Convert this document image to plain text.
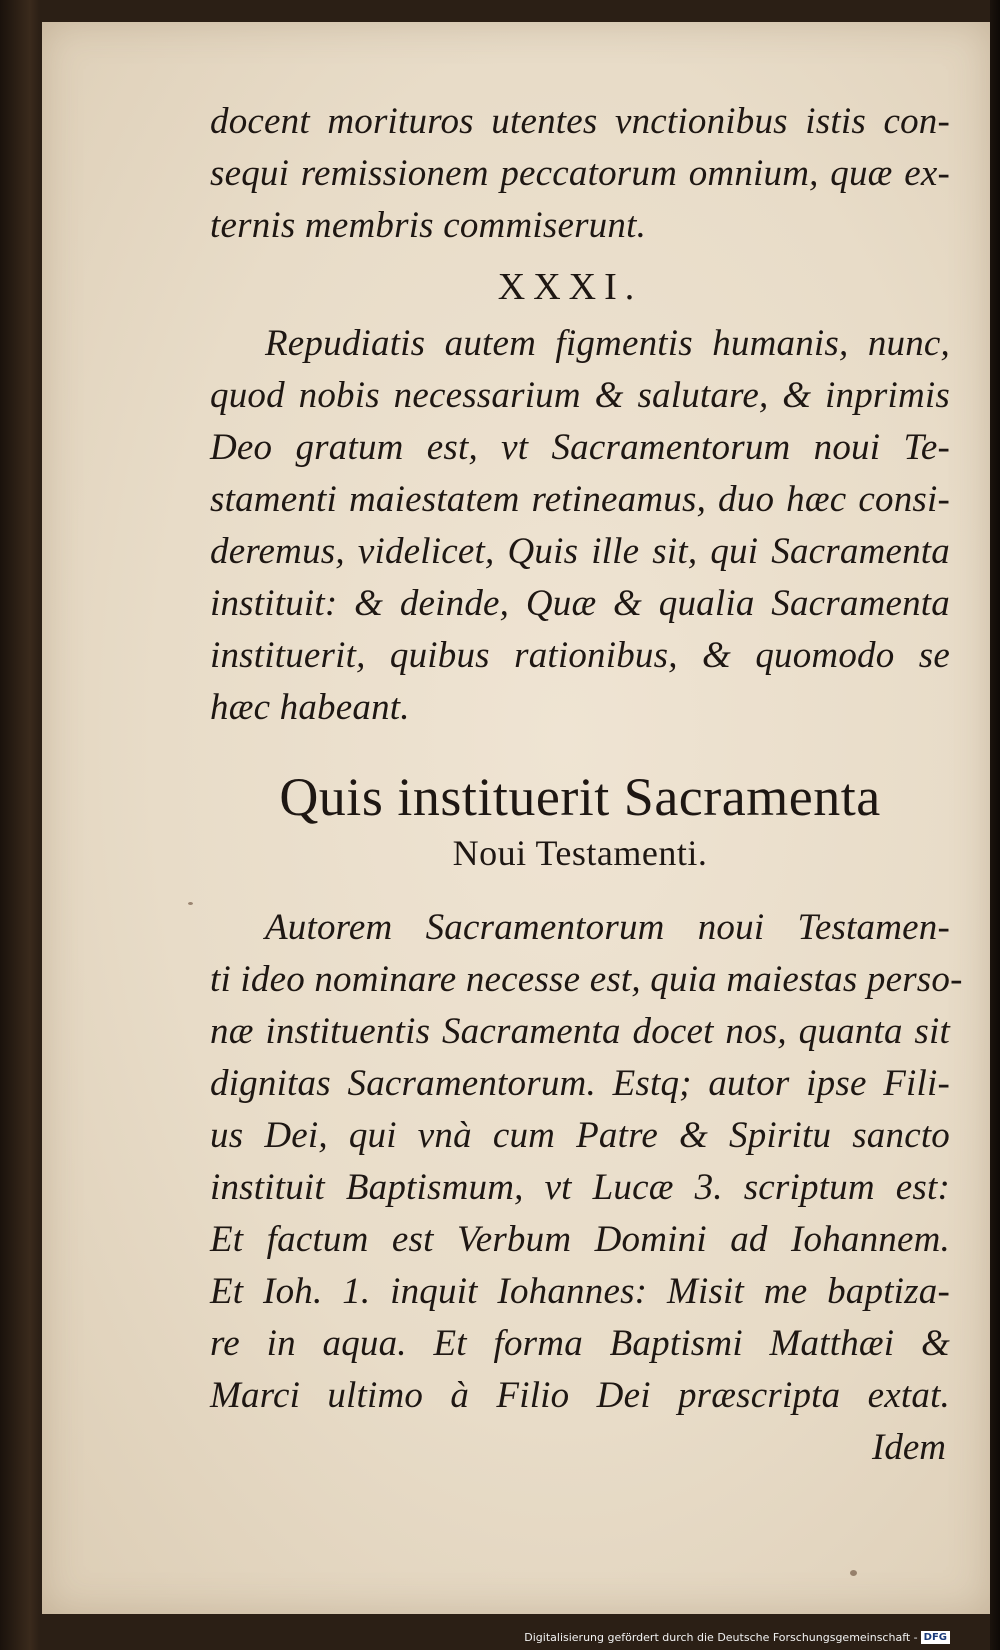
docent morituros utentes vnctionibus istis con-
sequi remissionem peccatorum omnium, quæ ex-
ternis membris commiserunt.
XXXI.
Repudiatis autem figmentis humanis, nunc,
quod nobis necessarium & salutare, & inprimis
Deo gratum est, vt Sacramentorum noui Te-
stamenti maiestatem retineamus, duo hæc consi-
deremus, videlicet, Quis ille sit, qui Sacramenta
instituit: & deinde, Quæ & qualia Sacramenta
instituerit, quibus rationibus, & quomodo se
hæc habeant.
Quis instituerit Sacramenta
Noui Testamenti.
Autorem Sacramentorum noui Testamen-
ti ideo nominare necesse est, quia maiestas perso-
næ instituentis Sacramenta docet nos, quanta sit
dignitas Sacramentorum. Estq; autor ipse Fili-
us Dei, qui vnà cum Patre & Spiritu sancto
instituit Baptismum, vt Lucæ 3. scriptum est:
Et factum est Verbum Domini ad Iohannem.
Et Ioh. 1. inquit Iohannes: Misit me baptiza-
re in aqua. Et forma Baptismi Matthæi &
Marci ultimo à Filio Dei præscripta extat.
Idem
Digitalisierung gefördert durch die Deutsche Forschungsgemeinschaft - DFG
